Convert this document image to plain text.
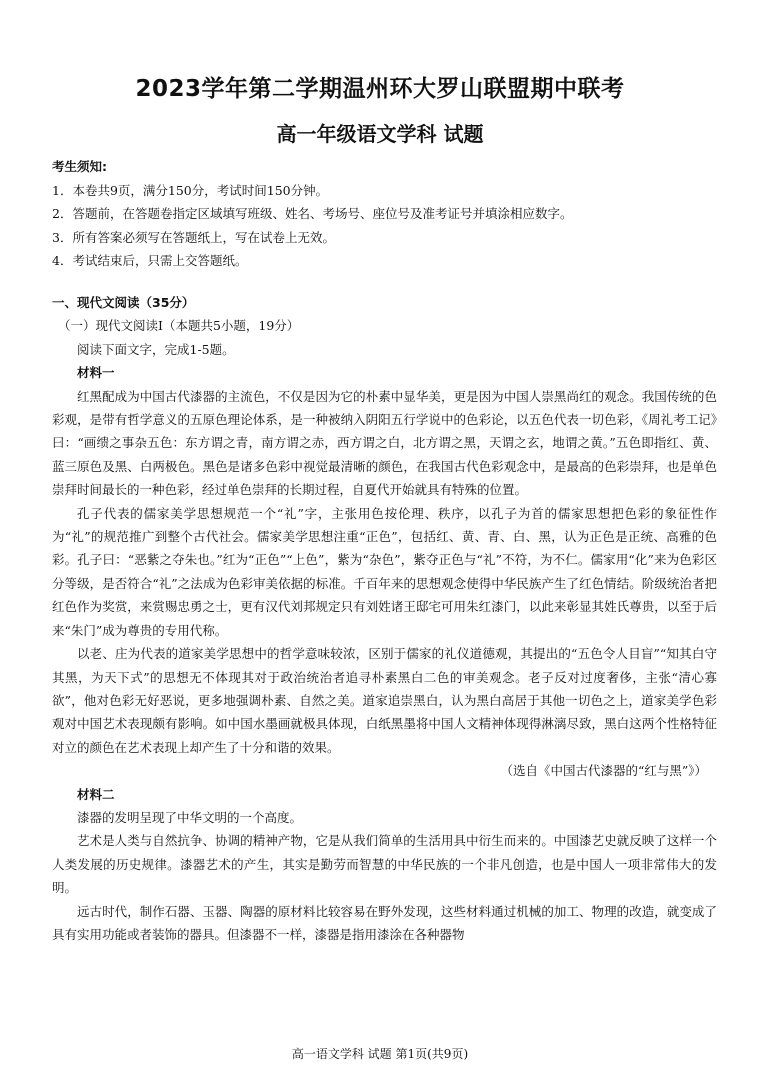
2023学年第二学期温州环大罗山联盟期中联考
高一年级语文学科 试题
考生须知:
1．本卷共9页，满分150分，考试时间150分钟。
2．答题前，在答题卷指定区域填写班级、姓名、考场号、座位号及准考证号并填涂相应数字。
3．所有答案必须写在答题纸上，写在试卷上无效。
4．考试结束后，只需上交答题纸。

一、现代文阅读（35分）

（一）现代文阅读Ⅰ（本题共5小题，19分）

阅读下面文字，完成1-5题。

材料一

红黑配成为中国古代漆器的主流色，不仅是因为它的朴素中显华美，更是因为中国人崇黑尚红的观念。我国传统的色彩观，是带有哲学意义的五原色理论体系，是一种被纳入阴阳五行学说中的色彩论，以五色代表一切色彩，《周礼考工记》曰：“画缋之事杂五色：东方谓之青，南方谓之赤，西方谓之白，北方谓之黑，天谓之玄，地谓之黄。”五色即指红、黄、蓝三原色及黑、白两极色。黑色是诸多色彩中视觉最清晰的颜色，在我国古代色彩观念中，是最高的色彩崇拜，也是单色崇拜时间最长的一种色彩，经过单色崇拜的长期过程，自夏代开始就具有特殊的位置。

孔子代表的儒家美学思想规范一个“礼”字，主张用色按伦理、秩序，以孔子为首的儒家思想把色彩的象征性作为“礼”的规范推广到整个古代社会。儒家美学思想注重“正色”，包括红、黄、青、白、黑，认为正色是正统、高雅的色彩。孔子曰：“恶紫之夺朱也。”红为“正色”“上色”，紫为“杂色”，紫夺正色与“礼”不符，为不仁。儒家用“化”来为色彩区分等级，是否符合“礼”之法成为色彩审美依据的标准。千百年来的思想观念使得中华民族产生了红色情结。阶级统治者把红色作为奖赏，来赏赐忠勇之士，更有汉代刘邦规定只有刘姓诸王邸宅可用朱红漆门，以此来彰显其姓氏尊贵，以至于后来“朱门”成为尊贵的专用代称。

以老、庄为代表的道家美学思想中的哲学意味较浓，区别于儒家的礼仪道德观，其提出的“五色令人目盲”“知其白守其黑，为天下式”的思想无不体现其对于政治统治者追寻朴素黑白二色的审美观念。老子反对过度奢侈，主张“清心寡欲”，他对色彩无好恶说，更多地强调朴素、自然之美。道家追崇黑白，认为黑白高居于其他一切色之上，道家美学色彩观对中国艺术表现颇有影响。如中国水墨画就极具体现，白纸黑墨将中国人文精神体现得淋漓尽致，黑白这两个性格特征对立的颜色在艺术表现上却产生了十分和谐的效果。

（选自《中国古代漆器的“红与黑”》）

材料二

漆器的发明呈现了中华文明的一个高度。

艺术是人类与自然抗争、协调的精神产物，它是从我们简单的生活用具中衍生而来的。中国漆艺史就反映了这样一个人类发展的历史规律。漆器艺术的产生，其实是勤劳而智慧的中华民族的一个非凡创造，也是中国人一项非常伟大的发明。

远古时代，制作石器、玉器、陶器的原材料比较容易在野外发现，这些材料通过机械的加工、物理的改造，就变成了具有实用功能或者装饰的器具。但漆器不一样，漆器是指用漆涂在各种器物

高一语文学科 试题 第1页(共9页)
